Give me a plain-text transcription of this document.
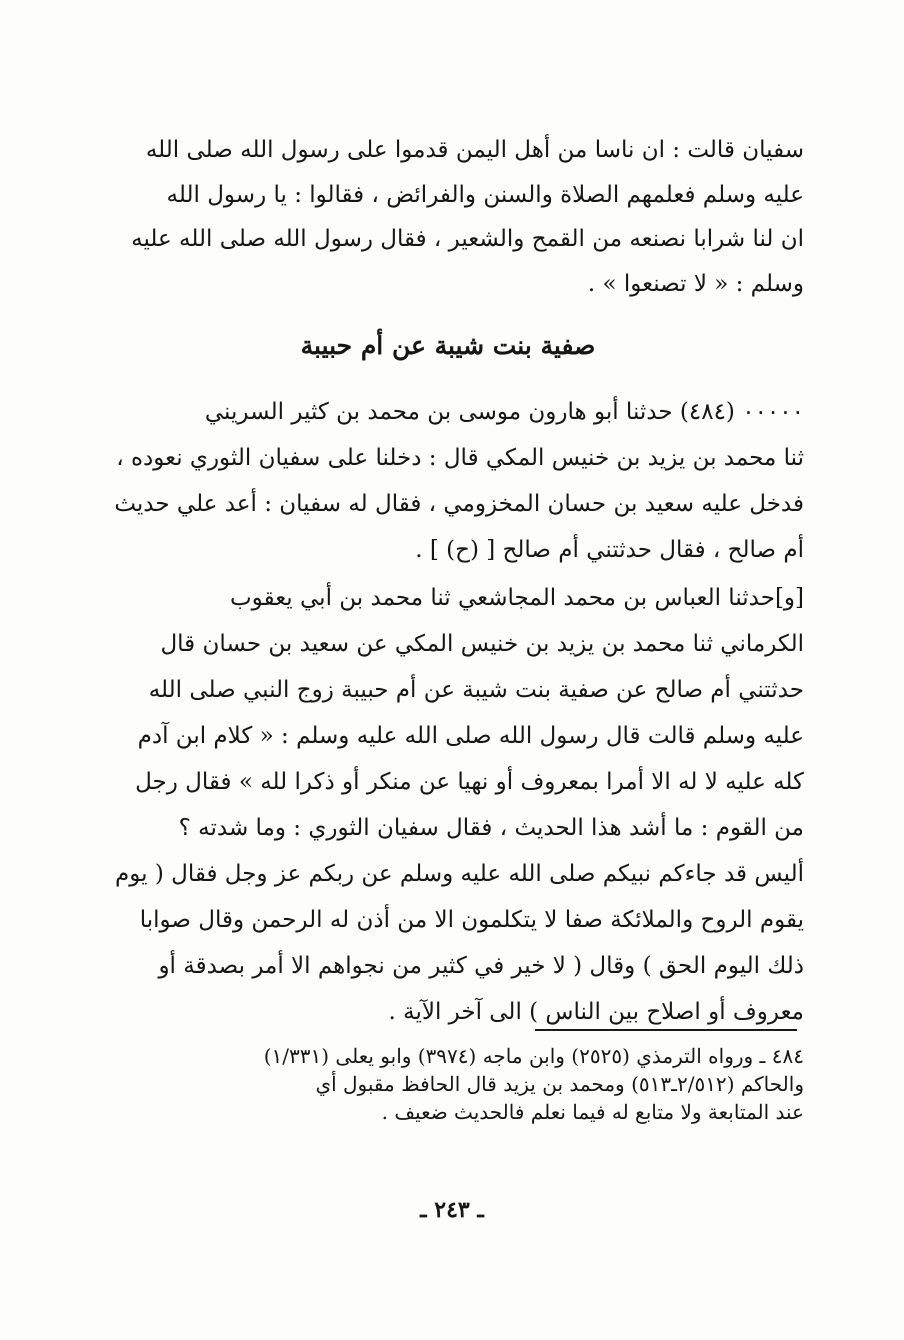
سفيان قالت : ان ناسا من أهل اليمن قدموا على رسول الله صلى الله
عليه وسلم فعلمهم الصلاة والسنن والفرائض ، فقالوا : يا رسول الله
ان لنا شرابا نصنعه من القمح والشعير ، فقال رسول الله صلى الله عليه
وسلم : « لا تصنعوا » .
صفية بنت شيبة عن أم حبيبة
٠٠٠٠٠ (٤٨٤) حدثنا أبو هارون موسى بن محمد بن كثير السريني
ثنا محمد بن يزيد بن خنيس المكي قال : دخلنا على سفيان الثوري نعوده ،
فدخل عليه سعيد بن حسان المخزومي ، فقال له سفيان : أعد علي حديث
أم صالح ، فقال حدثتني أم صالح [ (ح) ] .
[و]حدثنا العباس بن محمد المجاشعي ثنا محمد بن أبي يعقوب
الكرماني ثنا محمد بن يزيد بن خنيس المكي عن سعيد بن حسان قال
حدثتني أم صالح عن صفية بنت شيبة عن أم حبيبة زوج النبي صلى الله
عليه وسلم قالت قال رسول الله صلى الله عليه وسلم : « كلام ابن آدم
كله عليه لا له الا أمرا بمعروف أو نهيا عن منكر أو ذكرا لله » فقال رجل
من القوم : ما أشد هذا الحديث ، فقال سفيان الثوري : وما شدته ؟
أليس قد جاءكم نبيكم صلى الله عليه وسلم عن ربكم عز وجل فقال ( يوم
يقوم الروح والملائكة صفا لا يتكلمون الا من أذن له الرحمن وقال صوابا
ذلك اليوم الحق ) وقال ( لا خير في كثير من نجواهم الا أمر بصدقة أو
معروف أو اصلاح بين الناس ) الى آخر الآية .
٤٨٤ ـ ورواه الترمذي (٢٥٢٥) وابن ماجه (٣٩٧٤) وابو يعلى (١/٣٣١)
والحاكم (٢/٥١٢ـ٥١٣) ومحمد بن يزيد قال الحافظ مقبول أي
عند المتابعة ولا متابع له فيما نعلم فالحديث ضعيف .
ـ ٢٤٣ ـ
